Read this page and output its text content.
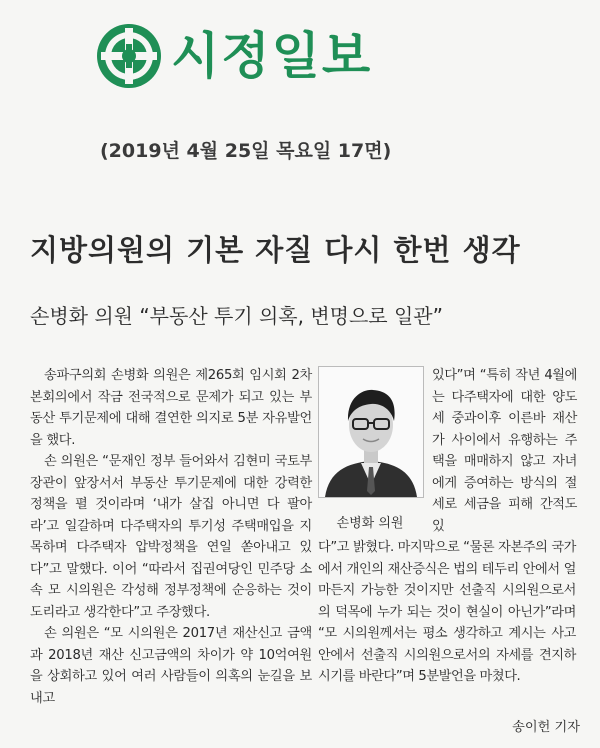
시정일보
(2019년 4월 25일 목요일 17면)
지방의원의 기본 자질 다시 한번 생각
손병화 의원 “부동산 투기 의혹, 변명으로 일관”

송파구의회 손병화 의원은 제265회 임시회 2차 본회의에서 작금 전국적으로 문제가 되고 있는 부동산 투기문제에 대해 결연한 의지로 5분 자유발언을 했다.

손 의원은 “문재인 정부 들어와서 김현미 국토부 장관이 앞장서서 부동산 투기문제에 대한 강력한 정책을 펼 것이라며 ‘내가 살집 아니면 다 팔아라’고 일갈하며 다주택자의 투기성 주택매입을 지목하며 다주택자 압박정책을 연일 쏟아내고 있다”고 말했다. 이어 “따라서 집권여당인 민주당 소속 모 시의원은 각성해 정부정책에 순응하는 것이 도리라고 생각한다”고 주장했다.

손 의원은 “모 시의원은 2017년 재산신고 금액과 2018년 재산 신고금액의 차이가 약 10억여원을 상회하고 있어 여러 사람들이 의혹의 눈길을 보내고

손병화 의원
있다”며 “특히 작년 4월에는 다주택자에 대한 양도세 중과이후 이른바 재산가 사이에서 유행하는 주택을 매매하지 않고 자녀에게 증여하는 방식의 절세로 세금을 피해 간적도 있
다”고 밝혔다. 마지막으로 “물론 자본주의 국가에서 개인의 재산증식은 법의 테두리 안에서 얼마든지 가능한 것이지만 선출직 시의원으로서의 덕목에 누가 되는 것이 현실이 아닌가”라며 “모 시의원께서는 평소 생각하고 계시는 사고안에서 선출직 시의원으로서의 자세를 견지하시기를 바란다”며 5분발언을 마쳤다.
송이헌 기자
